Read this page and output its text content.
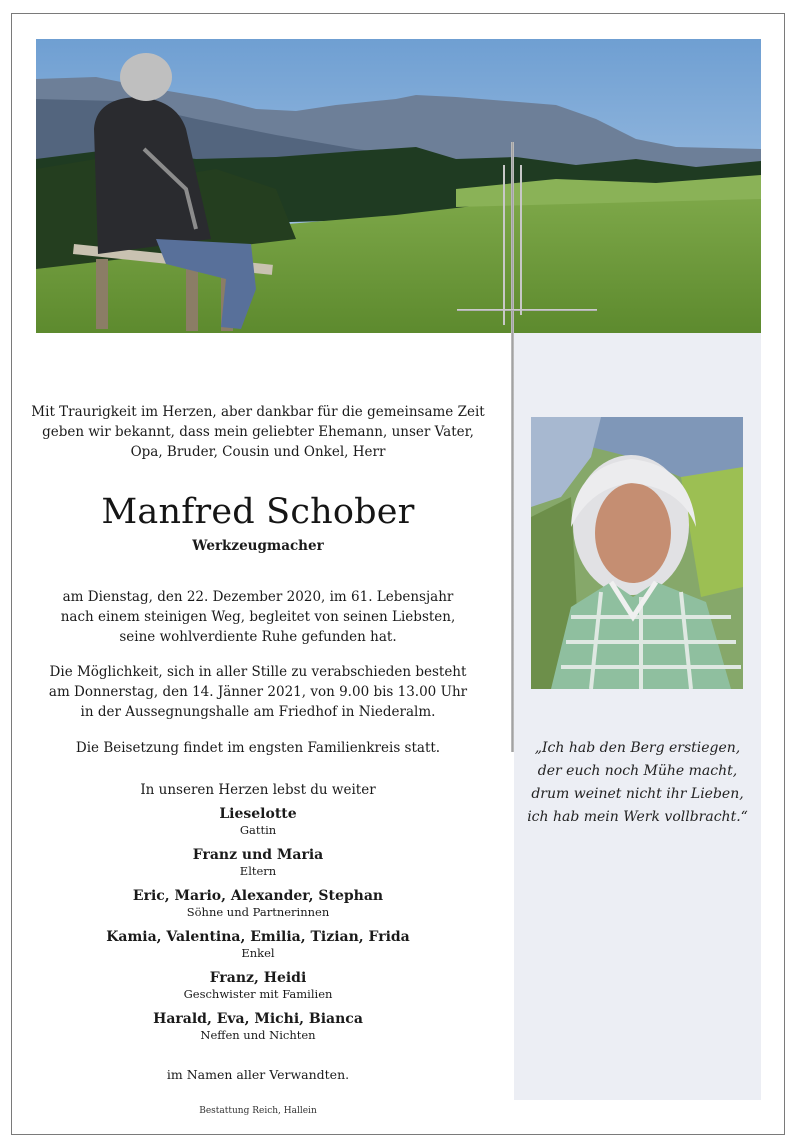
„Ich hab den Berg erstiegen,
der euch noch Mühe macht,
drum weinet nicht ihr Lieben,
ich hab mein Werk vollbracht.“
Mit Traurigkeit im Herzen, aber dankbar für die gemeinsame Zeit
geben wir bekannt, dass mein geliebter Ehemann, unser Vater,
Opa, Bruder, Cousin und Onkel, Herr
Manfred Schober
Werkzeugmacher
am Dienstag, den 22. Dezember 2020, im 61. Lebensjahr
nach einem steinigen Weg, begleitet von seinen Liebsten,
seine wohlverdiente Ruhe gefunden hat.
Die Möglichkeit, sich in aller Stille zu verabschieden besteht
am Donnerstag, den 14. Jänner 2021, von 9.00 bis 13.00 Uhr
in der Aussegnungshalle am Friedhof in Niederalm.
Die Beisetzung findet im engsten Familienkreis statt.
In unseren Herzen lebst du weiter
Lieselotte
Gattin
Franz und Maria
Eltern
Eric, Mario, Alexander, Stephan
Söhne und Partnerinnen
Kamia, Valentina, Emilia, Tizian, Frida
Enkel
Franz, Heidi
Geschwister mit Familien
Harald, Eva, Michi, Bianca
Neffen und Nichten
im Namen aller Verwandten.
Bestattung Reich, Hallein
